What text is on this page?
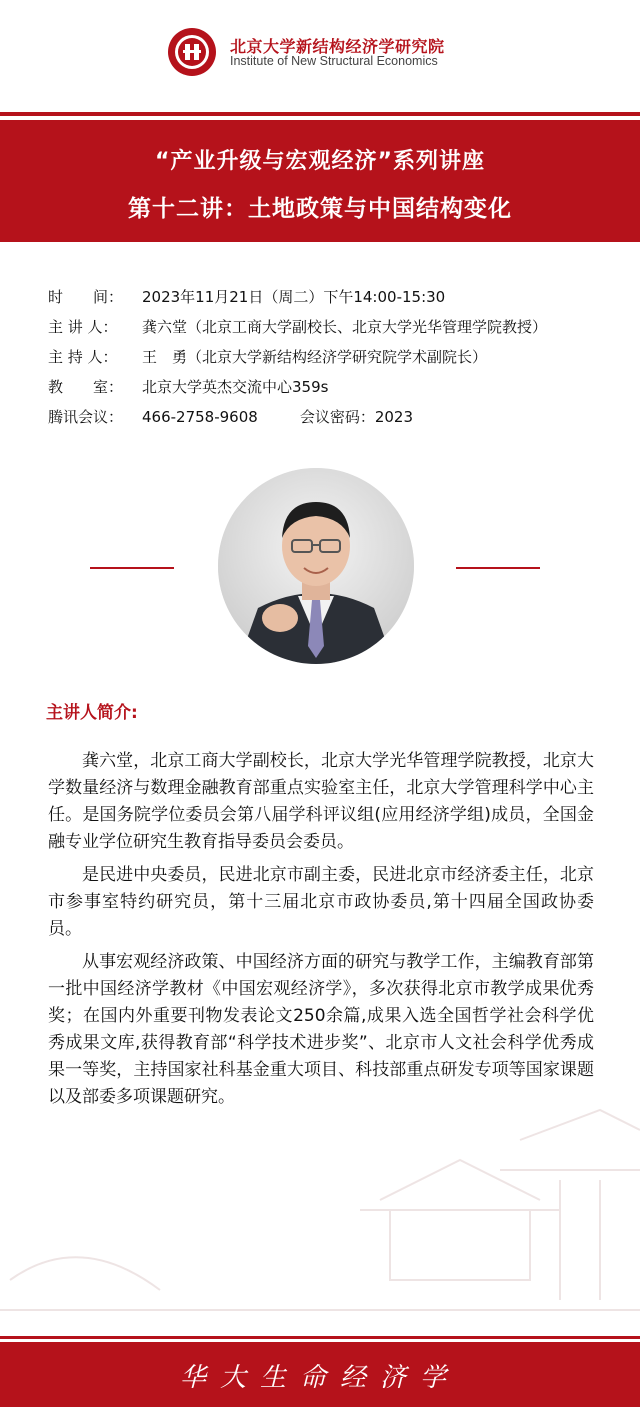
北京大学新结构经济学研究院
Institute of New Structural Economics
“产业升级与宏观经济”系列讲座
第十二讲：土地政策与中国结构变化
时　　间： 2023年11月21日（周二）下午14:00-15:30
主 讲 人： 龚六堂（北京工商大学副校长、北京大学光华管理学院教授）
主 持 人： 王　勇（北京大学新结构经济学研究院学术副院长）
教　　室： 北京大学英杰交流中心359s
腾讯会议： 466-2758-9608	会议密码：2023
主讲人简介:

龚六堂，北京工商大学副校长，北京大学光华管理学院教授，北京大学数量经济与数理金融教育部重点实验室主任，北京大学管理科学中心主任。是国务院学位委员会第八届学科评议组(应用经济学组)成员，全国金融专业学位研究生教育指导委员会委员。

是民进中央委员，民进北京市副主委，民进北京市经济委主任，北京市参事室特约研究员，第十三届北京市政协委员,第十四届全国政协委员。

从事宏观经济政策、中国经济方面的研究与教学工作，主编教育部第一批中国经济学教材《中国宏观经济学》，多次获得北京市教学成果优秀奖；在国内外重要刊物发表论文250余篇,成果入选全国哲学社会科学优秀成果文库,获得教育部“科学技术进步奖”、北京市人文社会科学优秀成果一等奖，主持国家社科基金重大项目、科技部重点研发专项等国家课题以及部委多项课题研究。

华大生命经济学
